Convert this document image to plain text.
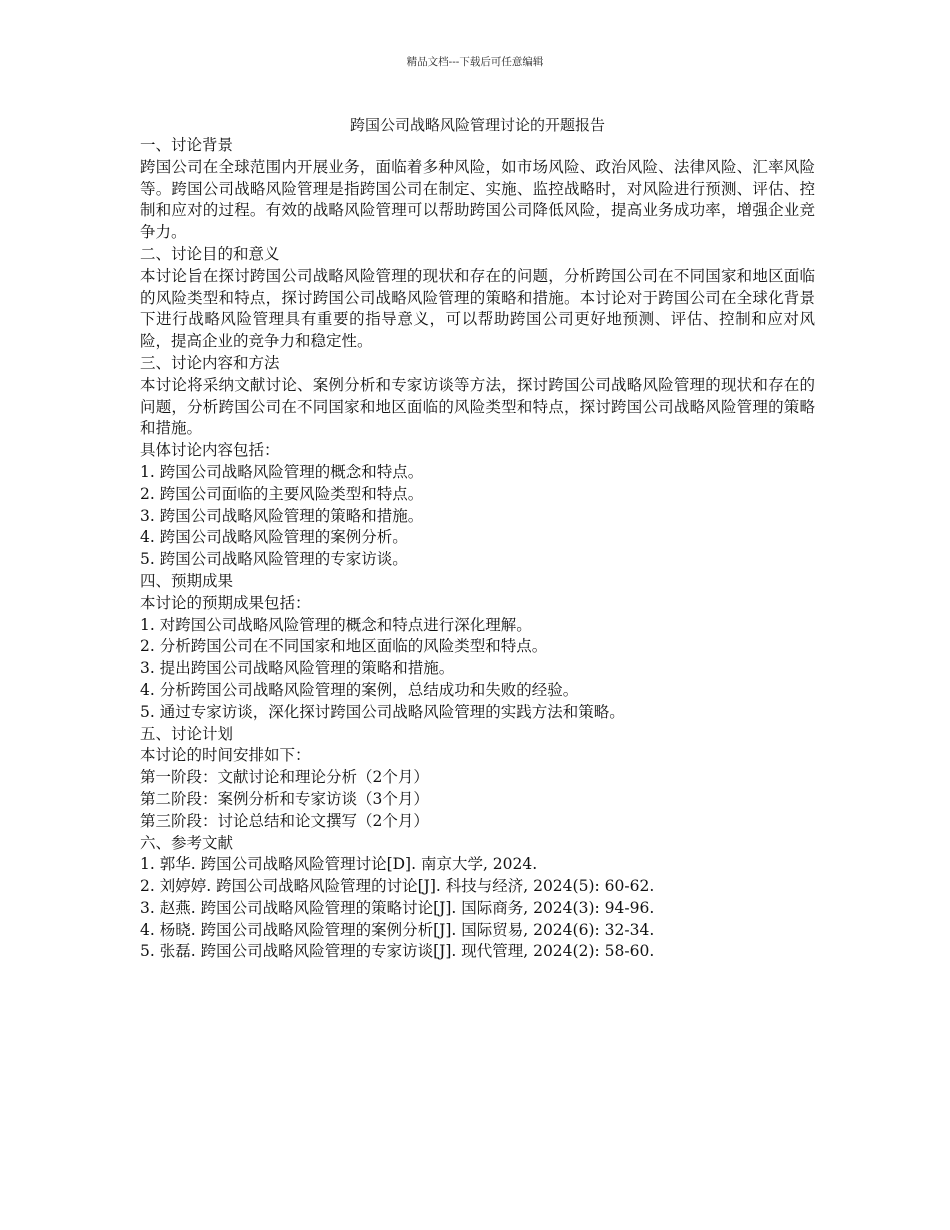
精品文档---下载后可任意编辑
跨国公司战略风险管理讨论的开题报告

一、讨论背景

跨国公司在全球范围内开展业务，面临着多种风险，如市场风险、政治风险、法律风险、汇率风险等。跨国公司战略风险管理是指跨国公司在制定、实施、监控战略时，对风险进行预测、评估、控制和应对的过程。有效的战略风险管理可以帮助跨国公司降低风险，提高业务成功率，增强企业竞争力。

二、讨论目的和意义

本讨论旨在探讨跨国公司战略风险管理的现状和存在的问题，分析跨国公司在不同国家和地区面临的风险类型和特点，探讨跨国公司战略风险管理的策略和措施。本讨论对于跨国公司在全球化背景下进行战略风险管理具有重要的指导意义，可以帮助跨国公司更好地预测、评估、控制和应对风险，提高企业的竞争力和稳定性。

三、讨论内容和方法

本讨论将采纳文献讨论、案例分析和专家访谈等方法，探讨跨国公司战略风险管理的现状和存在的问题，分析跨国公司在不同国家和地区面临的风险类型和特点，探讨跨国公司战略风险管理的策略和措施。

具体讨论内容包括：

1. 跨国公司战略风险管理的概念和特点。

2. 跨国公司面临的主要风险类型和特点。

3. 跨国公司战略风险管理的策略和措施。

4. 跨国公司战略风险管理的案例分析。

5. 跨国公司战略风险管理的专家访谈。

四、预期成果

本讨论的预期成果包括：

1. 对跨国公司战略风险管理的概念和特点进行深化理解。

2. 分析跨国公司在不同国家和地区面临的风险类型和特点。

3. 提出跨国公司战略风险管理的策略和措施。

4. 分析跨国公司战略风险管理的案例，总结成功和失败的经验。

5. 通过专家访谈，深化探讨跨国公司战略风险管理的实践方法和策略。

五、讨论计划

本讨论的时间安排如下：

第一阶段：文献讨论和理论分析（2个月）

第二阶段：案例分析和专家访谈（3个月）

第三阶段：讨论总结和论文撰写（2个月）

六、参考文献

1. 郭华. 跨国公司战略风险管理讨论[D]. 南京大学, 2024.

2. 刘婷婷. 跨国公司战略风险管理的讨论[J]. 科技与经济, 2024(5): 60-62.

3. 赵燕. 跨国公司战略风险管理的策略讨论[J]. 国际商务, 2024(3): 94-96.

4. 杨晓. 跨国公司战略风险管理的案例分析[J]. 国际贸易, 2024(6): 32-34.

5. 张磊. 跨国公司战略风险管理的专家访谈[J]. 现代管理, 2024(2): 58-60.
